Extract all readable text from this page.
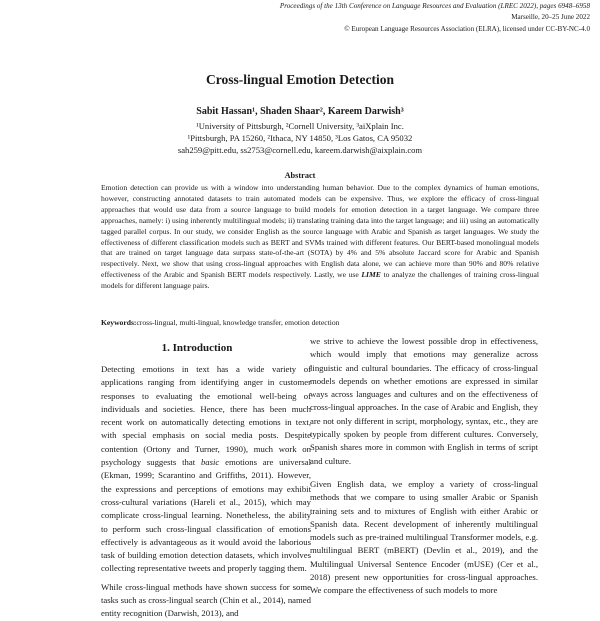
Proceedings of the 13th Conference on Language Resources and Evaluation (LREC 2022), pages 6948–6958
Marseille, 20–25 June 2022
© European Language Resources Association (ELRA), licensed under CC-BY-NC-4.0
Cross-lingual Emotion Detection
Sabit Hassan¹, Shaden Shaar², Kareem Darwish³
¹University of Pittsburgh, ²Cornell University, ³aiXplain Inc.
¹Pittsburgh, PA 15260, ²Ithaca, NY 14850, ³Los Gatos, CA 95032
sah259@pitt.edu, ss2753@cornell.edu, kareem.darwish@aixplain.com
Abstract
Emotion detection can provide us with a window into understanding human behavior. Due to the complex dynamics of human emotions, however, constructing annotated datasets to train automated models can be expensive. Thus, we explore the efficacy of cross-lingual approaches that would use data from a source language to build models for emotion detection in a target language. We compare three approaches, namely: i) using inherently multilingual models; ii) translating training data into the target language; and iii) using an automatically tagged parallel corpus. In our study, we consider English as the source language with Arabic and Spanish as target languages. We study the effectiveness of different classification models such as BERT and SVMs trained with different features. Our BERT-based monolingual models that are trained on target language data surpass state-of-the-art (SOTA) by 4% and 5% absolute Jaccard score for Arabic and Spanish respectively. Next, we show that using cross-lingual approaches with English data alone, we can achieve more than 90% and 80% relative effectiveness of the Arabic and Spanish BERT models respectively. Lastly, we use LIME to analyze the challenges of training cross-lingual models for different language pairs.
Keywords:cross-lingual, multi-lingual, knowledge transfer, emotion detection
1. Introduction

Detecting emotions in text has a wide variety of applications ranging from identifying anger in customer responses to evaluating the emotional well-being of individuals and societies. Hence, there has been much recent work on automatically detecting emotions in text, with special emphasis on social media posts. Despite contention (Ortony and Turner, 1990), much work on psychology suggests that basic emotions are universal (Ekman, 1999; Scarantino and Griffiths, 2011). However, the expressions and perceptions of emotions may exhibit cross-cultural variations (Hareli et al., 2015), which may complicate cross-lingual learning. Nonetheless, the ability to perform such cross-lingual classification of emotions effectively is advantageous as it would avoid the laborious task of building emotion detection datasets, which involves collecting representative tweets and properly tagging them.

While cross-lingual methods have shown success for some tasks such as cross-lingual search (Chin et al., 2014), named entity recognition (Darwish, 2013), and

we strive to achieve the lowest possible drop in effectiveness, which would imply that emotions may generalize across linguistic and cultural boundaries. The efficacy of cross-lingual models depends on whether emotions are expressed in similar ways across languages and cultures and on the effectiveness of cross-lingual approaches. In the case of Arabic and English, they are not only different in script, morphology, syntax, etc., they are typically spoken by people from different cultures. Conversely, Spanish shares more in common with English in terms of script and culture.

Given English data, we employ a variety of cross-lingual methods that we compare to using smaller Arabic or Spanish training sets and to mixtures of English with either Arabic or Spanish data. Recent development of inherently multilingual models such as pre-trained multilingual Transformer models, e.g. multilingual BERT (mBERT) (Devlin et al., 2019), and the Multilingual Universal Sentence Encoder (mUSE) (Cer et al., 2018) present new opportunities for cross-lingual approaches. We compare the effectiveness of such models to more
